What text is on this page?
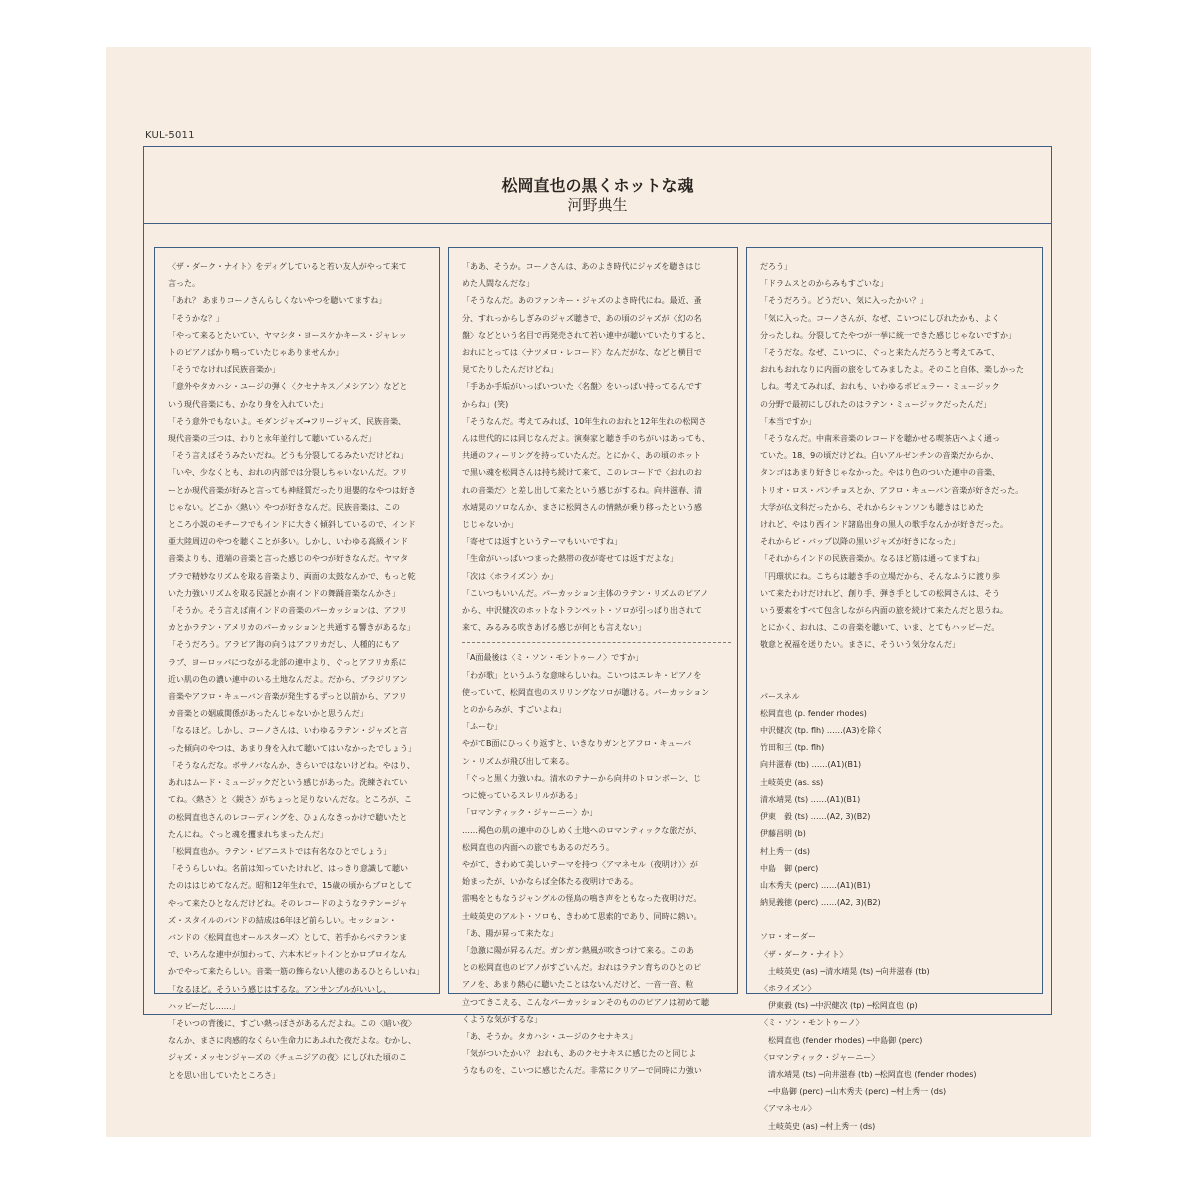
KUL-5011
松岡直也の黒くホットな魂
河野典生
〈ザ・ダーク・ナイト〉をディグしていると若い友人がやって来て
言った。
「あれ？ あまりコーノさんらしくないやつを聴いてますね」
「そうかな？」
「やって来るとたいてい、ヤマシタ・ヨースケかキース・ジャレッ
トのピアノばかり鳴っていたじゃありませんか」
「そうでなければ民族音楽か」
「意外やタカハシ・ユージの弾く〈クセナキス／メシアン〉などと
いう現代音楽にも、かなり身を入れていた」
「そう意外でもないよ。モダンジャズ→フリージャズ、民族音楽、
現代音楽の三つは、わりと永年並行して聴いているんだ」
「そう言えばそうみたいだね。どうも分裂してるみたいだけどね」
「いや、少なくとも、おれの内部では分裂しちゃいないんだ。フリ
ーとか現代音楽が好みと言っても神経質だったり退嬰的なやつは好き
じゃない。どこか〈熱い〉やつが好きなんだ。民族音楽は、この
ところ小説のモチーフでもインドに大きく傾斜しているので、インド
亜大陸周辺のやつを聴くことが多い。しかし、いわゆる高級インド
音楽よりも、道端の音楽と言った感じのやつが好きなんだ。ヤマタ
ブラで精妙なリズムを取る音楽より、両面の太鼓なんかで、もっと乾
いた力強いリズムを取る民謡とか南インドの舞踊音楽なんかさ」
「そうか。そう言えば南インドの音楽のパーカッションは、アフリ
カとかラテン・アメリカのパーカッションと共通する響きがあるな」
「そうだろう。アラビア海の向うはアフリカだし、人種的にもア
ラブ、ヨーロッパにつながる北部の連中より、ぐっとアフリカ系に
近い肌の色の濃い連中のいる土地なんだよ。だから、ブラジリアン
音楽やアフロ・キューバン音楽が発生するずっと以前から、アフリ
カ音楽との姻戚関係があったんじゃないかと思うんだ」
「なるほど。しかし、コーノさんは、いわゆるラテン・ジャズと言
った傾向のやつは、あまり身を入れて聴いてはいなかったでしょう」
「そうなんだな。ボサノバなんか、きらいではないけどね。やはり、
あれはムード・ミュージックだという感じがあった。洗練されてい
てね。〈熱さ〉と〈鋭さ〉がちょっと足りないんだな。ところが、こ
の松岡直也さんのレコーディングを、ひょんなきっかけで聴いたと
たんにね。ぐっと魂を攫まれちまったんだ」
「松岡直也か。ラテン・ピアニストでは有名なひとでしょう」
「そうらしいね。名前は知っていたけれど、はっきり意識して聴い
たのははじめてなんだ。昭和12年生れで、15歳の頃からプロとして
やって来たひとなんだけどね。そのレコードのようなラテン＝ジャ
ズ・スタイルのバンドの結成は6年ほど前らしい。セッション・
バンドの〈松岡直也オールスターズ〉として、若手からベテランま
で、いろんな連中が加わって、六本木ピットインとかロブロイなん
かでやって来たらしい。音楽一筋の飾らない人徳のあるひとらしいね」
「なるほど。そういう感じはするな。アンサンブルがいいし、
ハッピーだし……」
「そいつの背後に、すごい熱っぽさがあるんだよね。この〈暗い夜〉
なんか、まさに肉感的なくらい生命力にあふれた夜だよな。むかし、
ジャズ・メッセンジャーズの〈チュニジアの夜〉にしびれた頃のこ
とを思い出していたところさ」
「ああ、そうか。コーノさんは、あのよき時代にジャズを聴きはじ
めた人間なんだな」
「そうなんだ。あのファンキー・ジャズのよき時代にね。最近、蚤
分、すれっからしぎみのジャズ聴きで、あの頃のジャズが〈幻の名
盤〉などという名目で再発売されて若い連中が聴いていたりすると、
おれにとっては〈ナツメロ・レコード〉なんだがな、などと横目で
見てたりしたんだけどね」
「手あか手垢がいっぱいついた〈名盤〉をいっぱい持ってるんです
からね」(笑)
「そうなんだ。考えてみれば、10年生れのおれと12年生れの松岡さ
んは世代的には同じなんだよ。演奏家と聴き手のちがいはあっても、
共通のフィーリングを持っていたんだ。とにかく、あの頃のホット
で黒い魂を松岡さんは持ち続けて来て、このレコードで〈おれのお
れの音楽だ〉と差し出して来たという感じがするね。向井滋春、清
水靖晃のソロなんか、まさに松岡さんの情熱が乗り移ったという感
じじゃないか」
「寄せては返すというテーマもいいですね」
「生命がいっぱいつまった熱帯の夜が寄せては返すだよな」
「次は〈ホライズン〉か」
「こいつもいいんだ。パーカッション主体のラテン・リズムのピアノ
から、中沢健次のホットなトランペット・ソロが引っぱり出されて
来て、みるみる吹きあげる感じが何とも言えない」
「A面最後は〈ミ・ソン・モントゥーノ〉ですか」
「わが歌」というふうな意味らしいね。こいつはエレキ・ピアノを
使っていて、松岡直也のスリリングなソロが聴ける。パーカッション
とのからみが、すごいよね」
「ふーむ」
やがてB面にひっくり返すと、いきなりガンとアフロ・キューバ
ン・リズムが飛び出して来る。
「ぐっと黒く力強いね。清水のテナーから向井のトロンボーン、じ
つに焼っているスレリルがある」
「ロマンティック・ジャーニー〉か」
……褐色の肌の連中のひしめく土地へのロマンティックな旅だが、
松岡直也の内面への旅でもあるのだろう。
やがて、きわめて美しいテーマを持つ〈アマネセル（夜明け）〉が
始まったが、いかならば全体たる夜明けである。
雷鳴をともなうジャングルの怪鳥の鳴き声をともなった夜明けだ。
土岐英史のアルト・ソロも、きわめて思索的であり、同時に熱い。
「あ、陽が昇って来たな」
「急激に陽が昇るんだ。ガンガン熱風が吹きつけて来る。このあ
との松岡直也のピアノがすごいんだ。おれはラテン育ちのひとのピ
アノを、あまり熱心に聴いたことはないんだけど、一音一音、粒
立つてきこえる、こんなパーカッションそのもののピアノは初めて聴
くような気がするな」
「あ、そうか。タカハシ・ユージのクセナキス」
「気がついたかい？ おれも、あのクセナキスに感じたのと同じよ
うなものを、こいつに感じたんだ。非常にクリアーで同時に力強い
だろう」
「ドラムスとのからみもすごいな」
「そうだろう。どうだい、気に入ったかい？」
「気に入った。コーノさんが、なぜ、こいつにしびれたかも、よく
分ったしね。分裂してたやつが一挙に統一できた感じじゃないですか」
「そうだな。なぜ、こいつに、ぐっと来たんだろうと考えてみて、
おれもおれなりに内面の旅をしてみましたよ。そのこと自体、楽しかった
しね。考えてみれば、おれも、いわゆるポピュラー・ミュージック
の分野で最初にしびれたのはラテン・ミュージックだったんだ」
「本当ですか」
「そうなんだ。中南米音楽のレコードを聴かせる喫茶店へよく通っ
ていた。18、9の頃だけどね。白いアルゼンチンの音楽だからか、
タンゴはあまり好きじゃなかった。やはり色のついた連中の音楽、
トリオ・ロス・パンチョスとか、アフロ・キューバン音楽が好きだった。
大学が仏文科だったから、それからシャンソンも聴きはじめた
けれど、やはり西インド諸島出身の黒人の歌手なんかが好きだった。
それからビ・バップ以降の黒いジャズが好きになった」
「それからインドの民族音楽か。なるほど筋は通ってますね」
「円環状にね。こちらは聴き手の立場だから、そんなふうに渡り歩
いて来たわけだけれど、創り手、弾き手としての松岡さんは、そう
いう要素をすべて包含しながら内面の旅を続けて来たんだと思うね。
とにかく、おれは、この音楽を聴いて、いま、とてもハッピーだ。
敬意と祝福を送りたい。まさに、そういう気分なんだ」
パースネル
松岡直也 (p. fender rhodes)
中沢健次 (tp. flh) ……(A3)を除く
竹田和三 (tp. flh)
向井滋春 (tb) ……(A1)(B1)
土岐英史 (as. ss)
清水靖晃 (ts) ……(A1)(B1)
伊東　毅 (ts) ……(A2, 3)(B2)
伊藤昌明 (b)
村上秀一 (ds)
中島　御 (perc)
山木秀夫 (perc) ……(A1)(B1)
納見義徳 (perc) ……(A2, 3)(B2)
ソロ・オーダー
〈ザ・ダーク・ナイト〉
　土岐英史 (as) ─清水靖晃 (ts) ─向井滋春 (tb)
〈ホライズン〉
　伊東毅 (ts) ─中沢健次 (tp) ─松岡直也 (p)
〈ミ・ソン・モントゥーノ〉
　松岡直也 (fender rhodes) ─中島御 (perc)
〈ロマンティック・ジャーニー〉
　清水靖晃 (ts) ─向井滋春 (tb) ─松岡直也 (fender rhodes)
　─中島御 (perc) ─山木秀夫 (perc) ─村上秀一 (ds)
〈アマネセル〉
　土岐英史 (as) ─村上秀一 (ds)
